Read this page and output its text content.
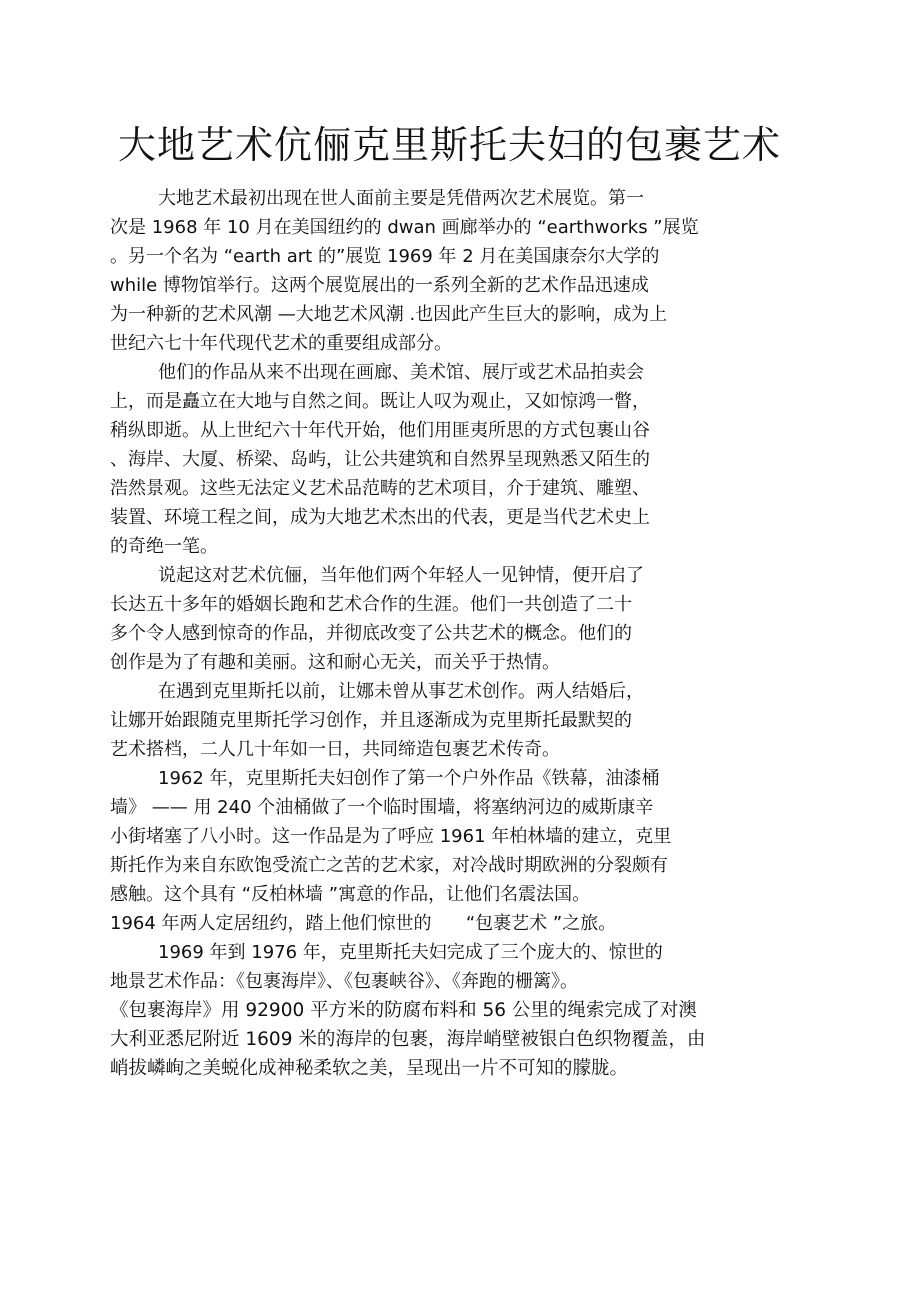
大地艺术伉俪克里斯托夫妇的包裹艺术
大地艺术最初出现在世人面前主要是凭借两次艺术展览。第一
次是 1968 年 10 月在美国纽约的 dwan 画廊举办的 “earthworks ”展览
。另一个名为 “earth art 的”展览 1969 年 2 月在美国康奈尔大学的
while 博物馆举行。这两个展览展出的一系列全新的艺术作品迅速成
为一种新的艺术风潮 —大地艺术风潮 .也因此产生巨大的影响，成为上
世纪六七十年代现代艺术的重要组成部分。
他们的作品从来不出现在画廊、美术馆、展厅或艺术品拍卖会
上，而是矗立在大地与自然之间。既让人叹为观止，又如惊鸿一瞥，
稍纵即逝。从上世纪六十年代开始，他们用匪夷所思的方式包裹山谷
、海岸、大厦、桥梁、岛屿，让公共建筑和自然界呈现熟悉又陌生的
浩然景观。这些无法定义艺术品范畴的艺术项目，介于建筑、雕塑、
装置、环境工程之间，成为大地艺术杰出的代表，更是当代艺术史上
的奇绝一笔。
说起这对艺术伉俪，当年他们两个年轻人一见钟情，便开启了
长达五十多年的婚姻长跑和艺术合作的生涯。他们一共创造了二十
多个令人感到惊奇的作品，并彻底改变了公共艺术的概念。他们的
创作是为了有趣和美丽。这和耐心无关，而关乎于热情。
在遇到克里斯托以前，让娜未曾从事艺术创作。两人结婚后，
让娜开始跟随克里斯托学习创作，并且逐渐成为克里斯托最默契的
艺术搭档，二人几十年如一日，共同缔造包裹艺术传奇。
1962 年，克里斯托夫妇创作了第一个户外作品《铁幕，油漆桶
墙》 —— 用 240 个油桶做了一个临时围墙，将塞纳河边的威斯康辛
小街堵塞了八小时。这一作品是为了呼应 1961 年柏林墙的建立，克里
斯托作为来自东欧饱受流亡之苦的艺术家，对冷战时期欧洲的分裂颇有
感触。这个具有 “反柏林墙 ”寓意的作品，让他们名震法国。
1964 年两人定居纽约，踏上他们惊世的      “包裹艺术 ”之旅。
1969 年到 1976 年，克里斯托夫妇完成了三个庞大的、惊世的
地景艺术作品：《包裹海岸》、《包裹峡谷》、《奔跑的栅篱》。
《包裹海岸》用 92900 平方米的防腐布料和 56 公里的绳索完成了对澳
大利亚悉尼附近 1609 米的海岸的包裹，海岸峭壁被银白色织物覆盖，由
峭拔嶙峋之美蜕化成神秘柔软之美，呈现出一片不可知的朦胧。
